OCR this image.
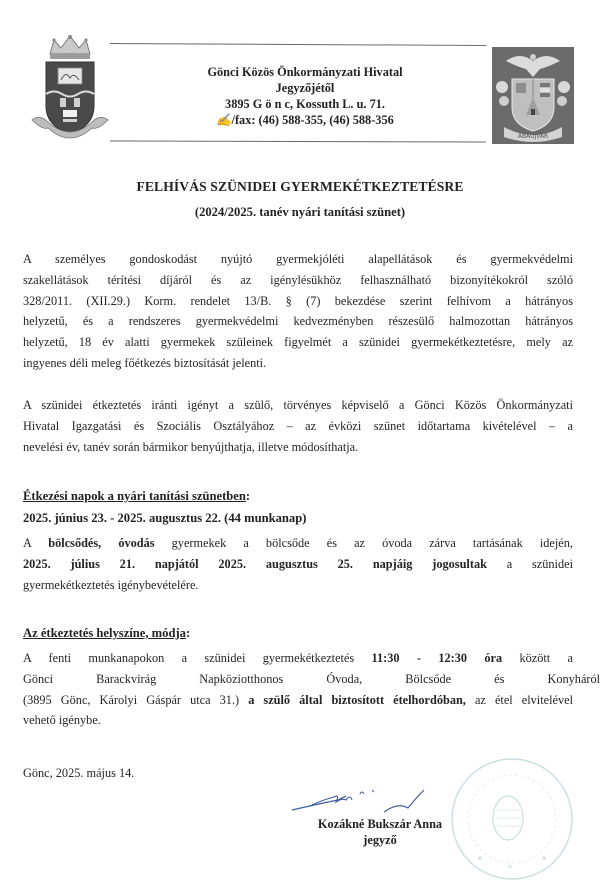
Gönci Közös Önkormányzati Hivatal
Jegyzőjétől
3895 G ö n c, Kossuth L. u. 71.
✍/fax: (46) 588-355, (46) 588-356
ABAUJVAR
FELHÍVÁS SZÜNIDEI GYERMEKÉTKEZTETÉSRE
(2024/2025. tanév nyári tanítási szünet)
A személyes gondoskodást nyújtó gyermekjóléti alapellátások és gyermekvédelmi
szakellátások térítési díjáról és az igénylésükhöz felhasználható bizonyítékokról szóló
328/2011. (XII.29.) Korm. rendelet 13/B. § (7) bekezdése szerint felhívom a hátrányos
helyzetű, és a rendszeres gyermekvédelmi kedvezményben részesülő halmozottan hátrányos
helyzetű, 18 év alatti gyermekek szüleinek figyelmét a szünidei gyermekétkeztetésre, mely az
ingyenes déli meleg főétkezés biztosítását jelenti.
A szünidei étkeztetés iránti igényt a szülő, törvényes képviselő a Gönci Közös Önkormányzati
Hivatal Igazgatási és Szociális Osztályához – az évközi szünet időtartama kivételével – a
nevelési év, tanév során bármikor benyújthatja, illetve módosíthatja.
Étkezési napok a nyári tanítási szünetben:
2025. június 23. - 2025. augusztus 22. (44 munkanap)
A bölcsődés, óvodás gyermekek a bölcsőde és az óvoda zárva tartásának idején,
2025. július 21. napjától 2025. augusztus 25. napjáig jogosultak a szünidei
gyermekétkeztetés igénybevételére.
Az étkeztetés helyszíne, módja:
A fenti munkanapokon a szünidei gyermekétkeztetés 11:30 - 12:30 óra között a
Gönci Barackvirág Napköziotthonos Óvoda, Bölcsőde és Konyháról
(3895 Gönc, Károlyi Gáspár utca 31.) a szülő által biztosított ételhordóban, az étel elvitelével
vehető igénybe.
Gönc, 2025. május 14.
Kozákné Bukszár Anna
jegyző
